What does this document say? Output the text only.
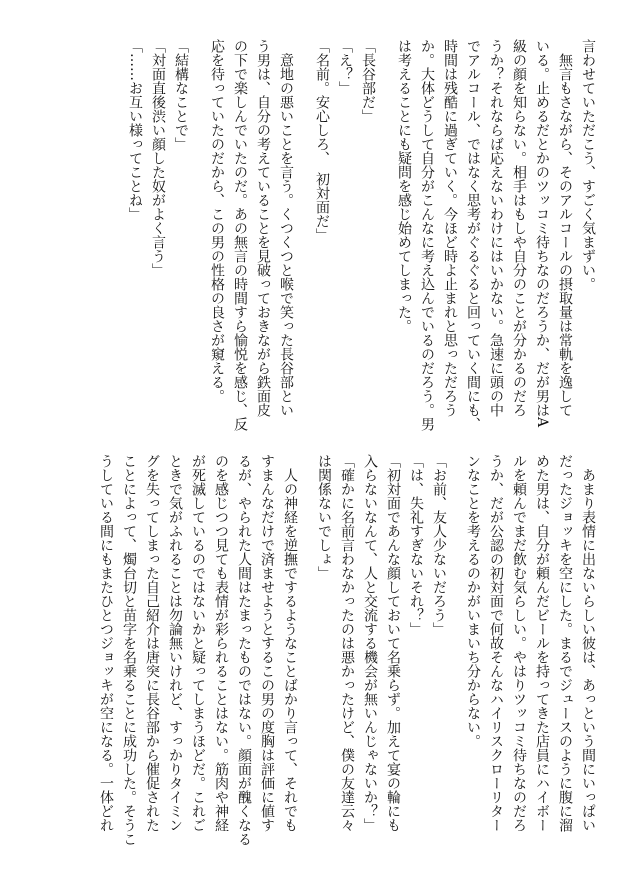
言わせていただこう、すごく気まずい。
無言もさながら、そのアルコールの摂取量は常軌を逸して
いる。止めるだとかのツッコミ待ちなのだろうか、だが男はA
級の顔を知らない。相手はもしや自分のことが分かるのだろ
うか？それならば応えないわけにはいかない。急速に頭の中
でアルコール、ではなく思考がぐるぐると回っていく間にも、
時間は残酷に過ぎていく。今ほど時よ止まれと思っただろう
か。大体どうして自分がこんなに考え込んでいるのだろう。男
は考えることにも疑問を感じ始めてしまった。
「長谷部だ」
「え？」
「名前。安心しろ、　初対面だ」
意地の悪いことを言う。くつくつと喉で笑った長谷部とい
う男は、自分の考えていることを見破っておきながら鉄面皮
の下で楽しんでいたのだ。あの無言の時間すら愉悦を感じ、反
応を待っていたのだから、この男の性格の良さが窺える。
「結構なことで」
「対面直後渋い顔した奴がよく言う」
「……お互い様ってことね」
あまり表情に出ないらしい彼は、あっという間にいっぱい
だったジョッキを空にした。まるでジュースのように腹に溜
めた男は、自分が頼んだビールを持ってきた店員にハイボー
ルを頼んでまだ飲む気らしい。やはりツッコミ待ちなのだろ
うか、だが公認の初対面で何故そんなハイリスクローリター
ンなことを考えるのかがいまいち分からない。
「お前、友人少ないだろう」
「は、失礼すぎないそれ？」
「初対面であんな顔しておいて名乗らず。加えて宴の輪にも
入らないなんて、人と交流する機会が無いんじゃないか？」
「確かに名前言わなかったのは悪かったけど、僕の友達云々
は関係ないでしょ」
人の神経を逆撫でするようなことばかり言って、それでも
すまんなだけで済ませようとするこの男の度胸は評価に値す
るが、やられた人間はたまったものではない。顔面が醜くなる
のを感じつつ見ても表情が彩られることはない。筋肉や神経
が死滅しているのではないかと疑ってしまうほどだ。これご
ときで気がふれることは勿論無いけれど、すっかりタイミン
グを失ってしまった自己紹介は唐突に長谷部から催促された
ことによって、燭台切と苗字を名乗ることに成功した。そうこ
うしている間にもまたひとつジョッキが空になる。一体どれ
